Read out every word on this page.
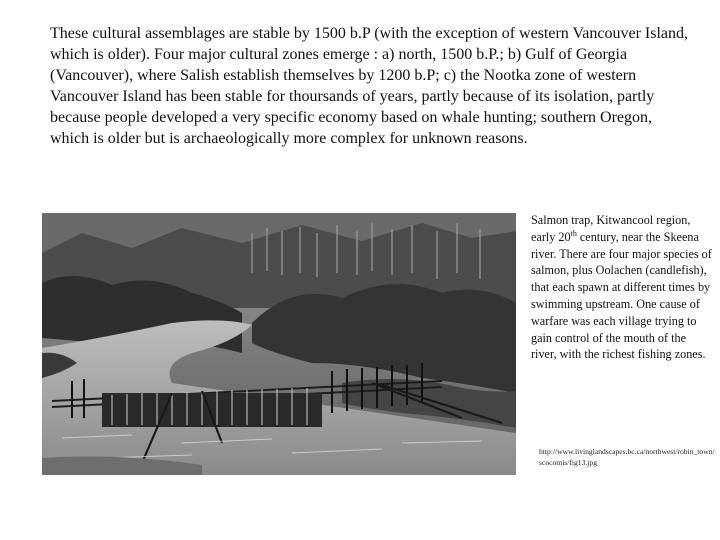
These cultural assemblages are stable by 1500 b.P (with the exception of western Vancouver Island, which is older). Four major cultural zones emerge : a) north, 1500 b.P.; b) Gulf of Georgia (Vancouver), where Salish establish themselves by 1200 b.P; c) the Nootka zone of western Vancouver Island has been stable for thoursands of years, partly because of its isolation, partly because people developed a very specific economy based on whale hunting; southern Oregon, which is older but is archaeologically more complex for unknown reasons.

Salmon trap, Kitwancool region, early 20th century, near the Skeena river. There are four major species of salmon, plus Oolachen (candlefish), that each spawn at different times by swimming upstream. One cause of warfare was each village trying to gain control of the mouth of the river, with the richest fishing zones.

http://www.livinglandscapes.bc.ca/northwest/robin_town/scocomis/fig13.jpg
